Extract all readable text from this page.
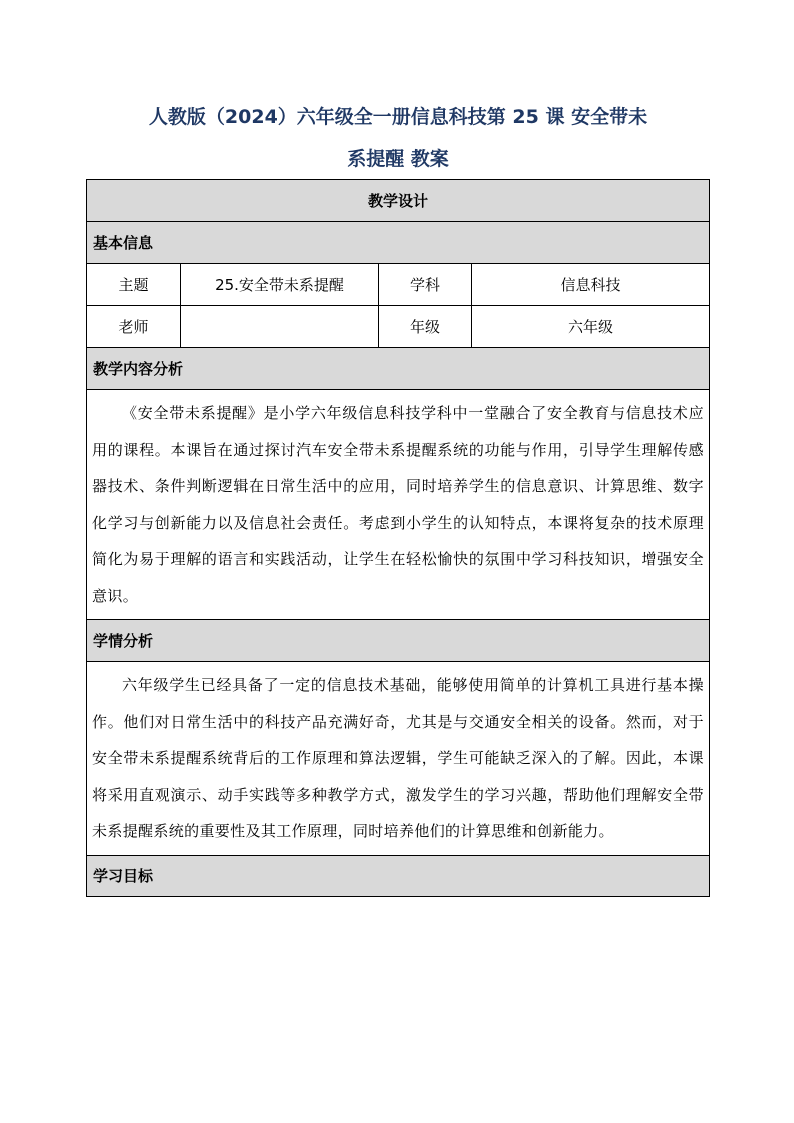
人教版（2024）六年级全一册信息科技第 25 课 安全带未
系提醒 教案
教学设计			
基本信息			
主题	25.安全带未系提醒	学科	信息科技
老师		年级	六年级
教学内容分析			
《安全带未系提醒》是小学六年级信息科技学科中一堂融合了安全教育与信息技术应用的课程。本课旨在通过探讨汽车安全带未系提醒系统的功能与作用，引导学生理解传感器技术、条件判断逻辑在日常生活中的应用，同时培养学生的信息意识、计算思维、数字化学习与创新能力以及信息社会责任。考虑到小学生的认知特点，本课将复杂的技术原理简化为易于理解的语言和实践活动，让学生在轻松愉快的氛围中学习科技知识，增强安全意识。			
学情分析			
六年级学生已经具备了一定的信息技术基础，能够使用简单的计算机工具进行基本操作。他们对日常生活中的科技产品充满好奇，尤其是与交通安全相关的设备。然而，对于安全带未系提醒系统背后的工作原理和算法逻辑，学生可能缺乏深入的了解。因此，本课将采用直观演示、动手实践等多种教学方式，激发学生的学习兴趣，帮助他们理解安全带未系提醒系统的重要性及其工作原理，同时培养他们的计算思维和创新能力。			
学习目标			
